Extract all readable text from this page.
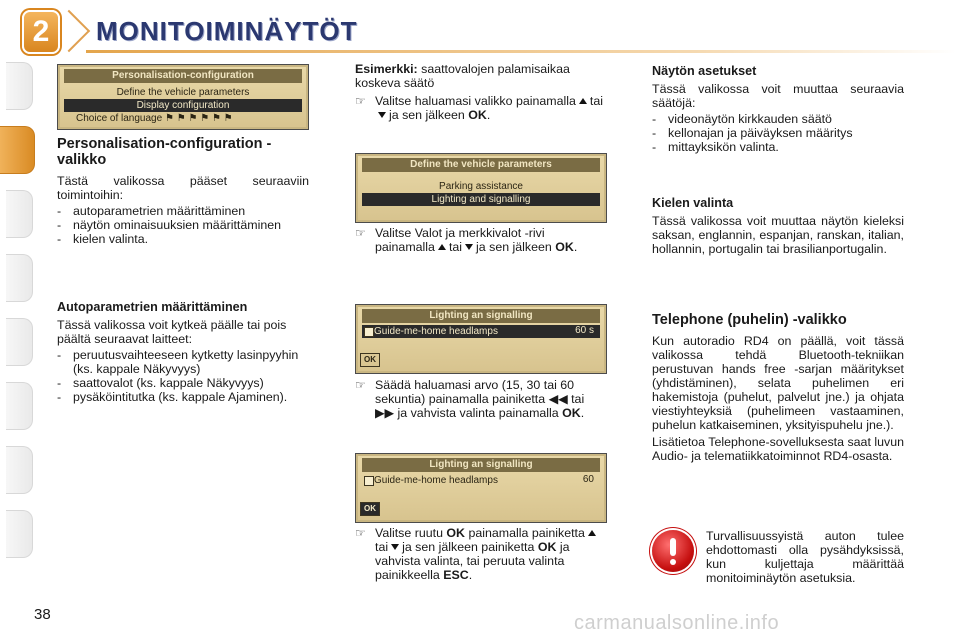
2	MONITOIMINÄYTÖT
Personalisation-configuration
Define the vehicle parameters
Display configuration
Choice of language ⚑ ⚑ ⚑ ⚑ ⚑ ⚑
Personalisation-configuration -valikko
Tästä valikossa pääset seuraaviin toimintoihin:
- autoparametrien määrittäminen
- näytön ominaisuuksien määrittäminen
- kielen valinta.
Autoparametrien määrittäminen
Tässä valikossa voit kytkeä päälle tai pois päältä seuraavat laitteet:
- peruutusvaihteeseen kytketty lasinpyyhin (ks. kappale Näkyvyys)
- saattovalot (ks. kappale Näkyvyys)
- pysäköintitutka (ks. kappale Ajaminen).
Esimerkki: saattovalojen palamisaikaa koskeva säätö
☞ Valitse haluamasi valikko painamalla taija sen jälkeen OK.
Define the vehicle parameters
Parking assistance
Lighting and signalling
☞ Valitse Valot ja merkkivalot -rivi painamalla tai ja sen jälkeen OK.
Lighting an signalling
Guide-me-home headlamps	60 s
OK
☞ Säädä haluamasi arvo (15, 30 tai 60 sekuntia) painamalla painiketta ◀◀ tai ▶▶ ja vahvista valinta painamalla OK.
Lighting an signalling
Guide-me-home headlamps	60
OK
☞ Valitse ruutu OK painamalla painikettatai ja sen jälkeen painiketta OK ja vahvista valinta, tai peruuta valinta painikkeella ESC.
Näytön asetukset
Tässä valikossa voit muuttaa seuraavia säätöjä:
- videonäytön kirkkauden säätö
- kellonajan ja päiväyksen määritys
- mittayksikön valinta.
Kielen valinta
Tässä valikossa voit muuttaa näytön kieleksi saksan, englannin, espanjan, ranskan, italian, hollannin, portugalin tai brasilianportugalin.
Telephone (puhelin) -valikko
Kun autoradio RD4 on päällä, voit tässä valikossa tehdä Bluetooth-tekniikan perustuvan hands free -sarjan määritykset (yhdistäminen), selata puhelimen eri hakemistoja (puhelut, palvelut jne.) ja ohjata viestiyhteyksiä (puhelimeen vastaaminen, puhelun katkaiseminen, yksityispuhelu jne.).
Lisätietoa Telephone-sovelluksesta saat luvun Audio- ja telematiikkatoiminnot RD4-osasta.
Turvallisuussyistä auton tulee ehdottomasti olla pysähdyksissä, kun kuljettaja määrittää monitoiminäytön asetuksia.
38	carmanualsonline.info
